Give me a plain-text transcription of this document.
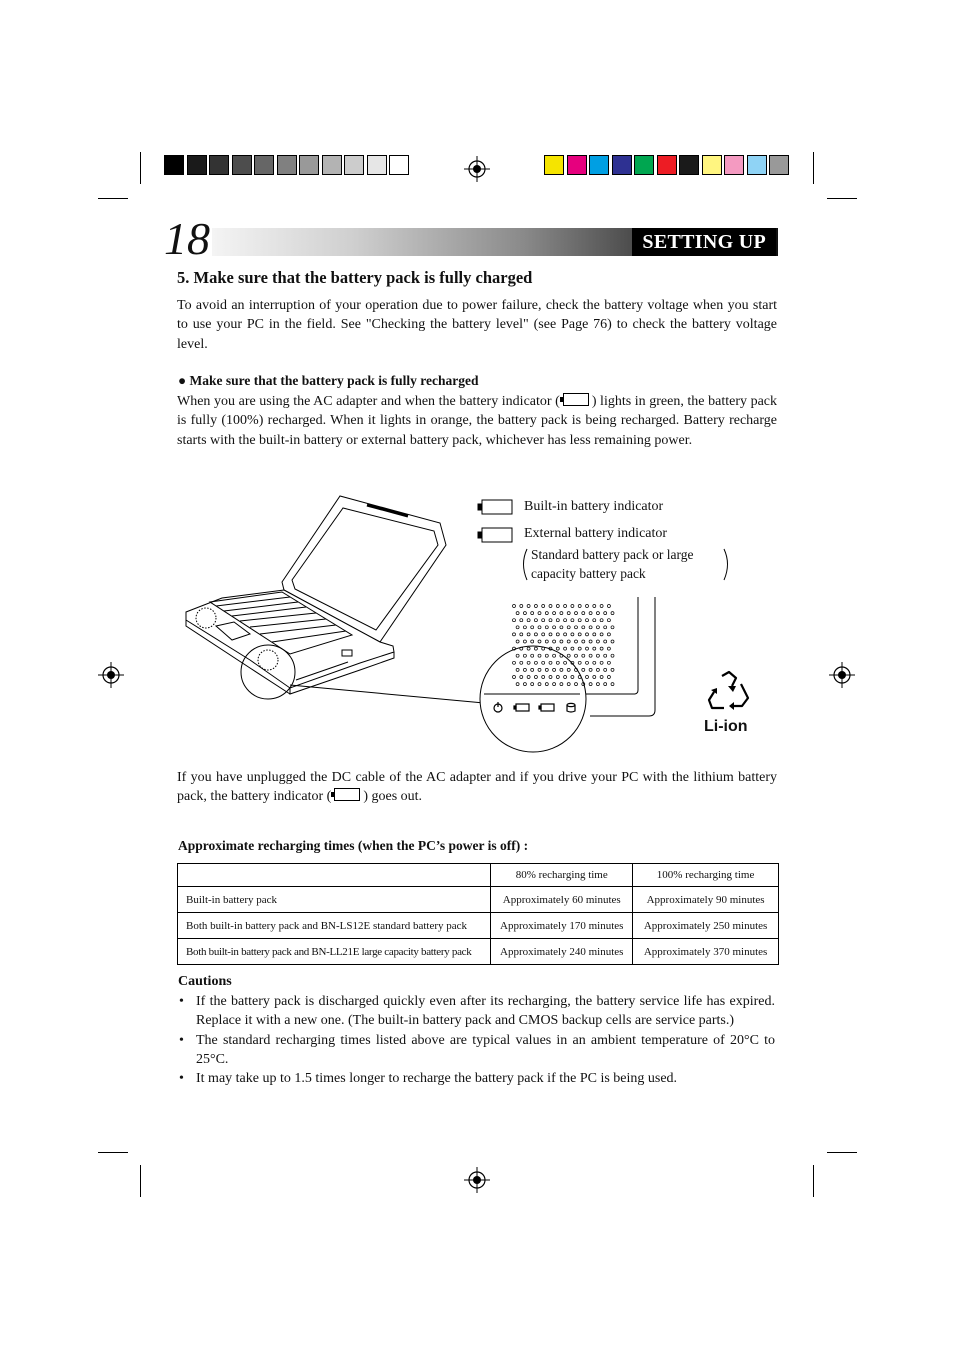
18	SETTING UP
5. Make sure that the battery pack is fully charged
To avoid an interruption of your operation due to power failure, check the battery voltage when you start to use your PC in the field. See "Checking the battery level" (see Page 76) to check the battery voltage level.
● Make sure that the battery pack is fully recharged
When you are using the AC adapter and when the battery indicator ( ) lights in green, the battery pack is fully (100%) recharged. When it lights in orange, the battery pack is being recharged. Battery recharge starts with the built-in battery or external battery pack, whichever has less remaining power.
Built-in battery indicator
External battery indicator
Standard battery pack or large
capacity battery pack
Li-ion
If you have unplugged the DC cable of the AC adapter and if you drive your PC with the lithium battery pack, the battery indicator ( ) goes out.
Approximate recharging times (when the PC’s power is off) :
	80% recharging time	100% recharging time
Built-in battery pack	Approximately 60 minutes	Approximately 90 minutes
Both built-in battery pack and BN-LS12E standard battery pack	Approximately 170 minutes	Approximately 250 minutes
Both built-in battery pack and BN-LL21E large capacity battery pack	Approximately 240 minutes	Approximately 370 minutes
Cautions
• If the battery pack is discharged quickly even after its recharging, the battery service life has expired. Replace it with a new one. (The built-in battery pack and CMOS backup cells are service parts.)
• The standard recharging times listed above are typical values in an ambient temperature of 20°C to 25°C.
• It may take up to 1.5 times longer to recharge the battery pack if the PC is being used.
